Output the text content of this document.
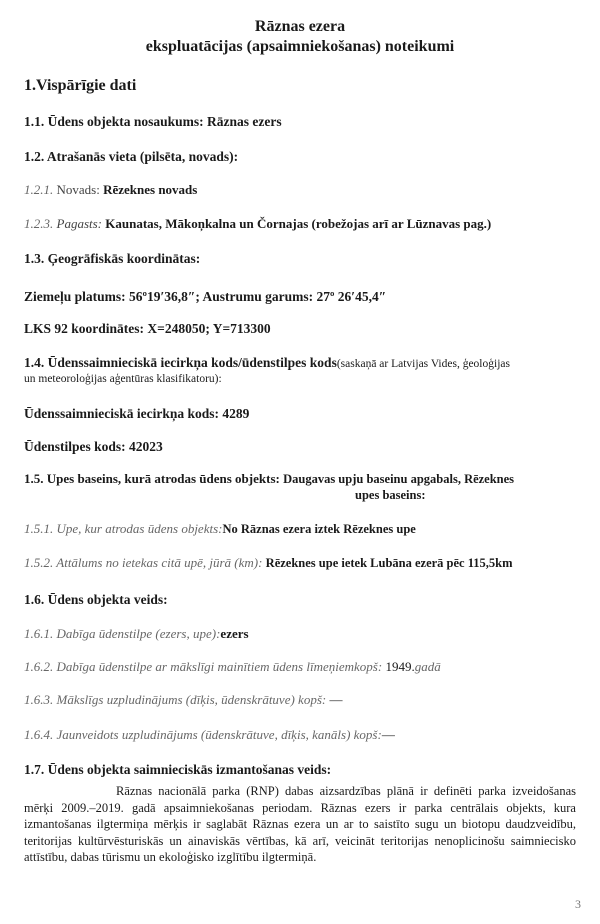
Rāznas ezera
ekspluatācijas (apsaimniekošanas) noteikumi
1.Vispārīgie dati
1.1. Ūdens objekta nosaukums: Rāznas ezers
1.2. Atrašanās vieta (pilsēta, novads):
1.2.1. Novads: Rēzeknes novads
1.2.3. Pagasts: Kaunatas, Mākoņkalna un Čornajas (robežojas arī ar Lūznavas pag.)
1.3. Ģeogrāfiskās koordinātas:
Ziemeļu platums: 56º19′36,8″; Austrumu garums: 27º 26′45,4″
LKS 92 koordinātes: X=248050; Y=713300
1.4. Ūdenssaimnieciskā iecirkņa kods/ūdenstilpes kods(saskaņā ar Latvijas Vides, ģeoloģijas
un meteoroloģijas aģentūras klasifikatoru):
Ūdenssaimnieciskā iecirkņa kods: 4289
Ūdenstilpes kods: 42023
1.5. Upes baseins, kurā atrodas ūdens objekts: Daugavas upju baseinu apgabals, Rēzeknes
upes baseins:
1.5.1. Upe, kur atrodas ūdens objekts:No Rāznas ezera iztek Rēzeknes upe
1.5.2. Attālums no ietekas citā upē, jūrā (km): Rēzeknes upe ietek Lubāna ezerā pēc 115,5km
1.6. Ūdens objekta veids:
1.6.1. Dabīga ūdenstilpe (ezers, upe):ezers
1.6.2. Dabīga ūdenstilpe ar mākslīgi mainītiem ūdens līmeņiemkopš: 1949.gadā
1.6.3. Mākslīgs uzpludinājums (dīķis, ūdenskrātuve) kopš: —
1.6.4. Jaunveidots uzpludinājums (ūdenskrātuve, dīķis, kanāls) kopš:—
1.7. Ūdens objekta saimnieciskās izmantošanas veids:
Rāznas nacionālā parka (RNP) dabas aizsardzības plānā ir definēti parka izveidošanas mērķi 2009.–2019. gadā apsaimniekošanas periodam. Rāznas ezers ir parka centrālais objekts, kura izmantošanas ilgtermiņa mērķis ir saglabāt Rāznas ezera un ar to saistīto sugu un biotopu daudzveidību, teritorijas kultūrvēsturiskās un ainaviskās vērtības, kā arī, veicināt teritorijas nenoplicinošu saimniecisko attīstību, dabas tūrismu un ekoloģisko izglītību ilgtermiņā.
3
